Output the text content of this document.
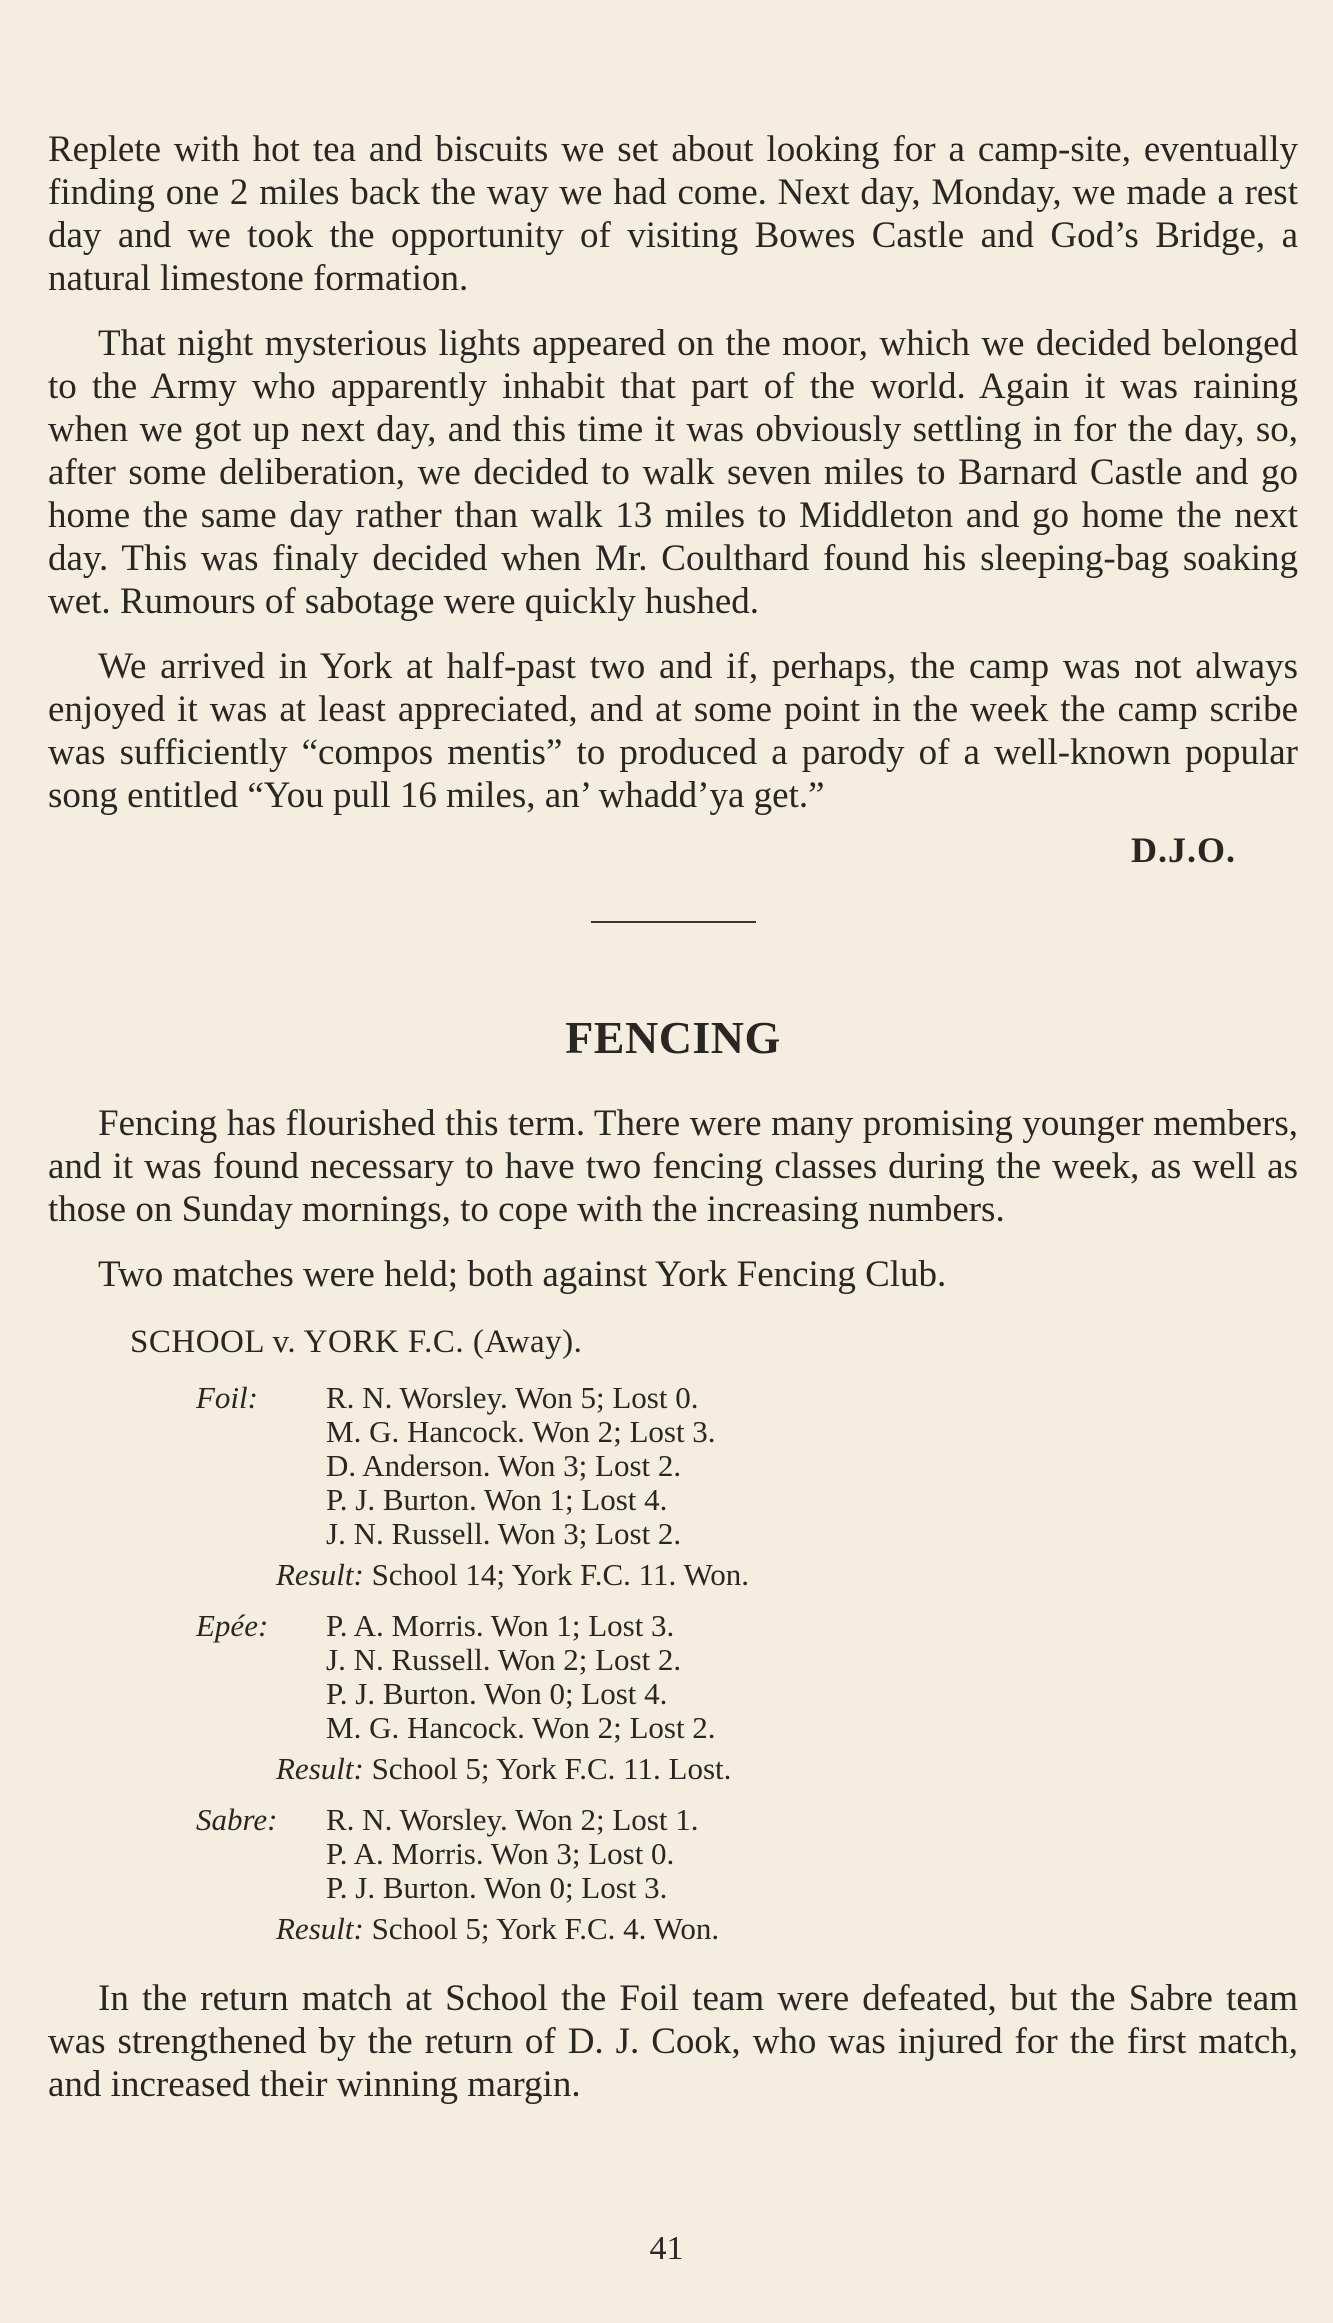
Replete with hot tea and biscuits we set about looking for a camp-site, eventually finding one 2 miles back the way we had come. Next day, Monday, we made a rest day and we took the opportunity of visiting Bowes Castle and God’s Bridge, a natural limestone formation.

That night mysterious lights appeared on the moor, which we decided belonged to the Army who apparently inhabit that part of the world. Again it was raining when we got up next day, and this time it was obviously settling in for the day, so, after some deliberation, we decided to walk seven miles to Barnard Castle and go home the same day rather than walk 13 miles to Middleton and go home the next day. This was finaly decided when Mr. Coulthard found his sleeping-bag soaking wet. Rumours of sabotage were quickly hushed.

We arrived in York at half-past two and if, perhaps, the camp was not always enjoyed it was at least appreciated, and at some point in the week the camp scribe was sufficiently “compos mentis” to produced a parody of a well-known popular song entitled “You pull 16 miles, an’ whadd’ya get.”

D.J.O.
FENCING

Fencing has flourished this term. There were many promising younger members, and it was found necessary to have two fencing classes during the week, as well as those on Sunday mornings, to cope with the increasing numbers.

Two matches were held; both against York Fencing Club.

SCHOOL v. YORK F.C. (Away).
Foil:	R. N. Worsley. Won 5; Lost 0.
M. G. Hancock. Won 2; Lost 3.
D. Anderson. Won 3; Lost 2.
P. J. Burton. Won 1; Lost 4.
J. N. Russell. Won 3; Lost 2.
Result: School 14; York F.C. 11. Won.
Epée:	P. A. Morris. Won 1; Lost 3.
J. N. Russell. Won 2; Lost 2.
P. J. Burton. Won 0; Lost 4.
M. G. Hancock. Won 2; Lost 2.
Result: School 5; York F.C. 11. Lost.
Sabre:	R. N. Worsley. Won 2; Lost 1.
P. A. Morris. Won 3; Lost 0.
P. J. Burton. Won 0; Lost 3.
Result: School 5; York F.C. 4. Won.

In the return match at School the Foil team were defeated, but the Sabre team was strengthened by the return of D. J. Cook, who was injured for the first match, and increased their winning margin.

41
